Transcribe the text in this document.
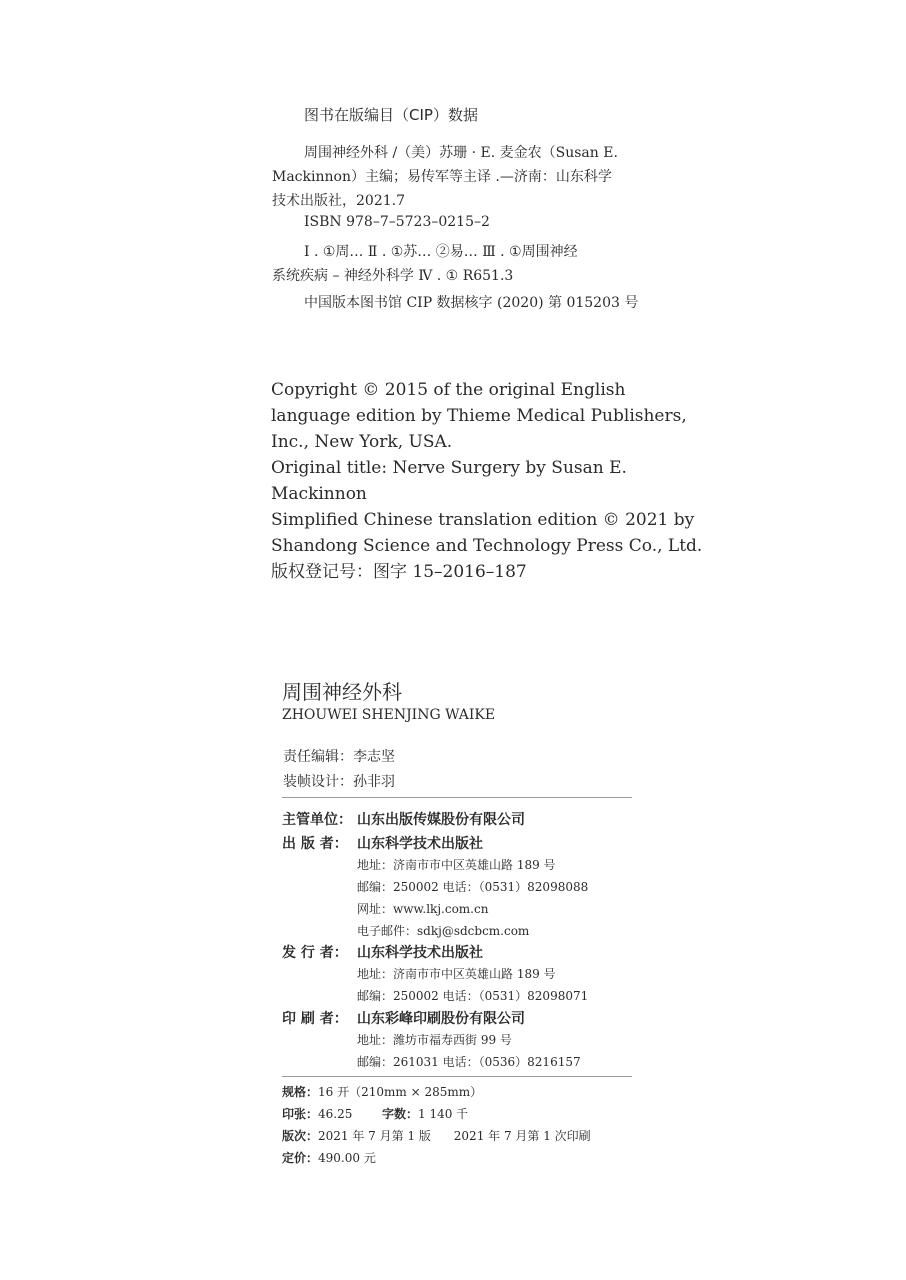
图书在版编目（CIP）数据
周围神经外科 /（美）苏珊 · E. 麦金农（Susan E.
Mackinnon）主编；易传军等主译 .—济南：山东科学
技术出版社，2021.7
ISBN 978–7–5723–0215–2
Ⅰ . ①周… Ⅱ . ①苏… ②易… Ⅲ . ①周围神经
系统疾病 – 神经外科学 Ⅳ . ① R651.3
中国版本图书馆 CIP 数据核字 (2020) 第 015203 号
Copyright © 2015 of the original English
language edition by Thieme Medical Publishers,
Inc., New York, USA.
Original title: Nerve Surgery by Susan E.
Mackinnon
Simplified Chinese translation edition © 2021 by
Shandong Science and Technology Press Co., Ltd.
版权登记号：图字 15–2016–187
周围神经外科
ZHOUWEI SHENJING WAIKE
责任编辑：李志坚
装帧设计：孙非羽
主管单位： 山东出版传媒股份有限公司
出 版 者： 山东科学技术出版社
地址：济南市市中区英雄山路 189 号
邮编：250002 电话：（0531）82098088
网址：www.lkj.com.cn
电子邮件：sdkj@sdcbcm.com
发 行 者： 山东科学技术出版社
地址：济南市市中区英雄山路 189 号
邮编：250002 电话：（0531）82098071
印 刷 者： 山东彩峰印刷股份有限公司
地址：潍坊市福寿西街 99 号
邮编：261031 电话：（0536）8216157
规格：16 开（210mm × 285mm）
印张：46.25 字数：1 140 千
版次：2021 年 7 月第 1 版      2021 年 7 月第 1 次印刷
定价：490.00 元
